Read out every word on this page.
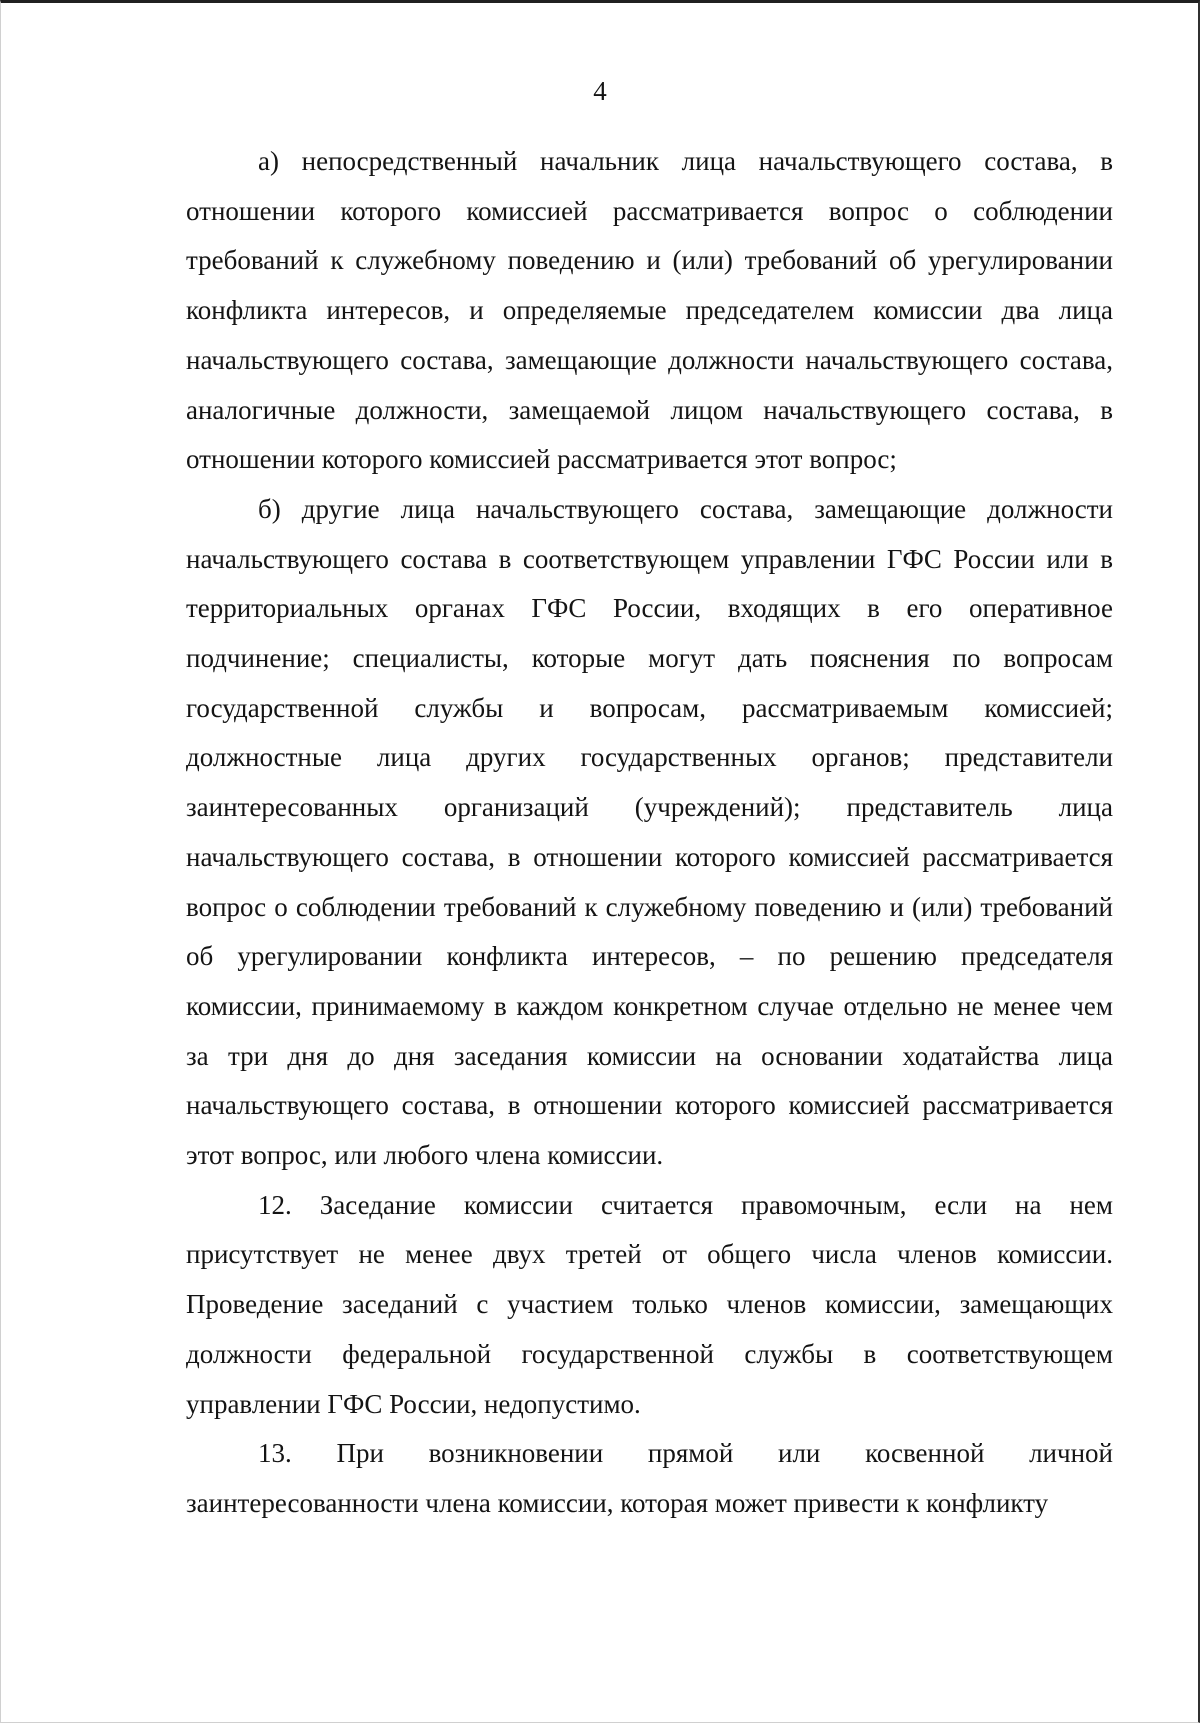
4

а) непосредственный начальник лица начальствующего состава, в отношении которого комиссией рассматривается вопрос о соблюдении требований к служебному поведению и (или) требований об урегулировании конфликта интересов, и определяемые председателем комиссии два лица начальствующего состава, замещающие должности начальствующего состава, аналогичные должности, замещаемой лицом начальствующего состава, в отношении которого комиссией рассматривается этот вопрос;

б) другие лица начальствующего состава, замещающие должности начальствующего состава в соответствующем управлении ГФС России или в территориальных органах ГФС России, входящих в его оперативное подчинение; специалисты, которые могут дать пояснения по вопросам государственной службы и вопросам, рассматриваемым комиссией; должностные лица других государственных органов; представители заинтересованных организаций (учреждений); представитель лица начальствующего состава, в отношении которого комиссией рассматривается вопрос о соблюдении требований к служебному поведению и (или) требований об урегулировании конфликта интересов, – по решению председателя комиссии, принимаемому в каждом конкретном случае отдельно не менее чем за три дня до дня заседания комиссии на основании ходатайства лица начальствующего состава, в отношении которого комиссией рассматривается этот вопрос, или любого члена комиссии.

12. Заседание комиссии считается правомочным, если на нем присутствует не менее двух третей от общего числа членов комиссии. Проведение заседаний с участием только членов комиссии, замещающих должности федеральной государственной службы в соответствующем управлении ГФС России, недопустимо.

13. При возникновении прямой или косвенной личной заинтересованности члена комиссии, которая может привести к конфликту
